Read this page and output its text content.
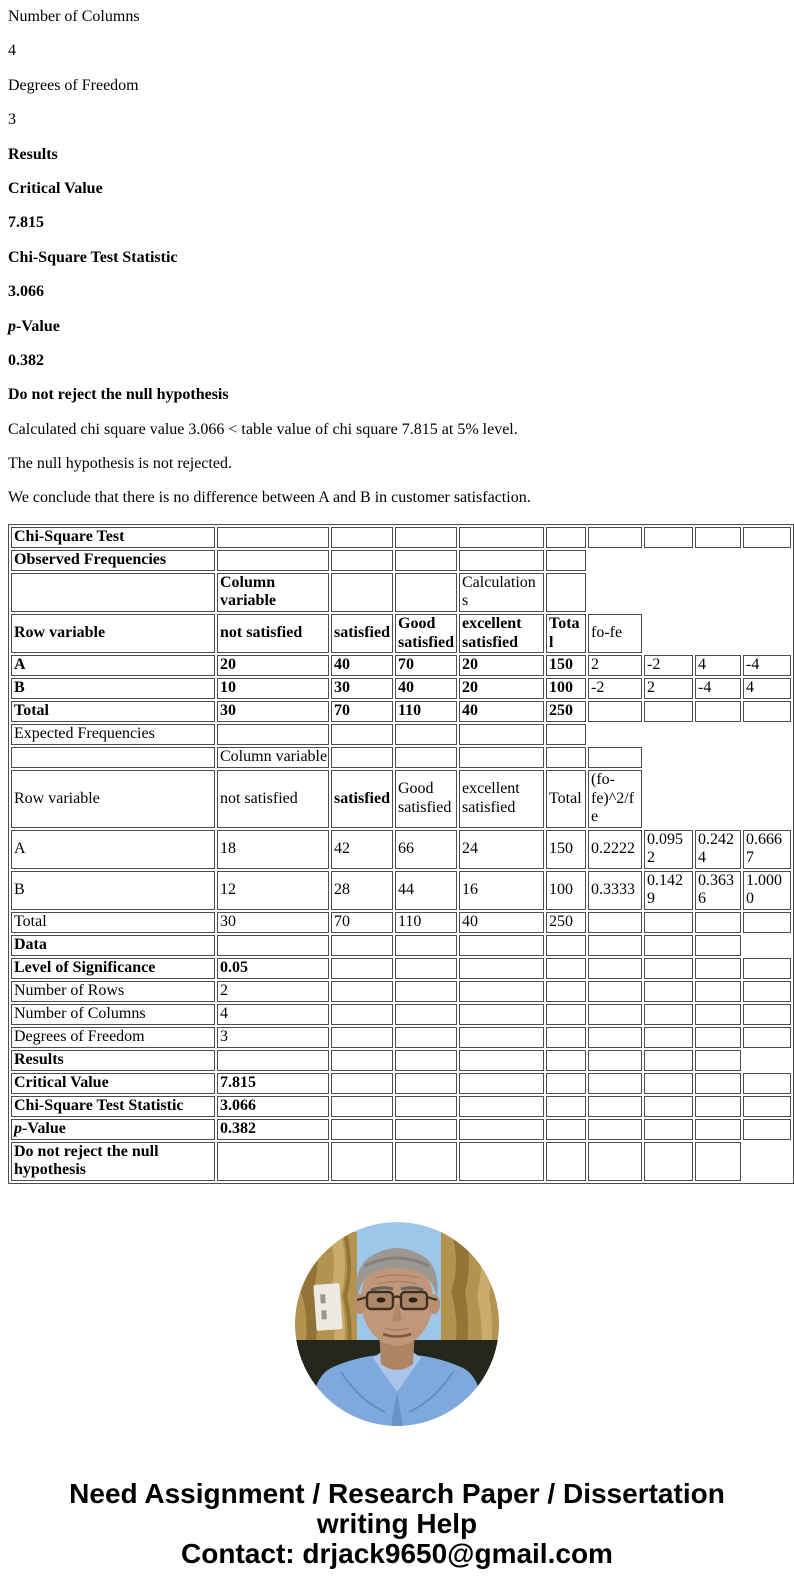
Number of Columns

4

Degrees of Freedom

3

Results

Critical Value

7.815

Chi-Square Test Statistic

3.066

p-Value

0.382

Do not reject the null hypothesis

Calculated chi square value 3.066 < table value of chi square 7.815 at 5% level.

The null hypothesis is not rejected.

We conclude that there is no difference between A and B in customer satisfaction.

Chi-Square Test									
Observed Frequencies									
	Column variable			Calculations					
Row variable	not satisfied	satisfied	Good satisfied	excellent satisfied	Total	fo-fe			
A	20	40	70	20	150	2	-2	4	-4
B	10	30	40	20	100	-2	2	-4	4
Total	30	70	110	40	250				
Expected Frequencies									
	Column variable								
Row variable	not satisfied	satisfied	Good satisfied	excellent satisfied	Total	(fo-fe)^2/fe			
A	18	42	66	24	150	0.2222	0.0952	0.2424	0.6667
B	12	28	44	16	100	0.3333	0.1429	0.3636	1.0000
Total	30	70	110	40	250				
Data									
Level of Significance	0.05								
Number of Rows	2								
Number of Columns	4								
Degrees of Freedom	3								
Results									
Critical Value	7.815								
Chi-Square Test Statistic	3.066								
p-Value	0.382								
Do not reject the null hypothesis									
Need Assignment / Research Paper / Dissertation writing Help
Contact: drjack9650@gmail.com
